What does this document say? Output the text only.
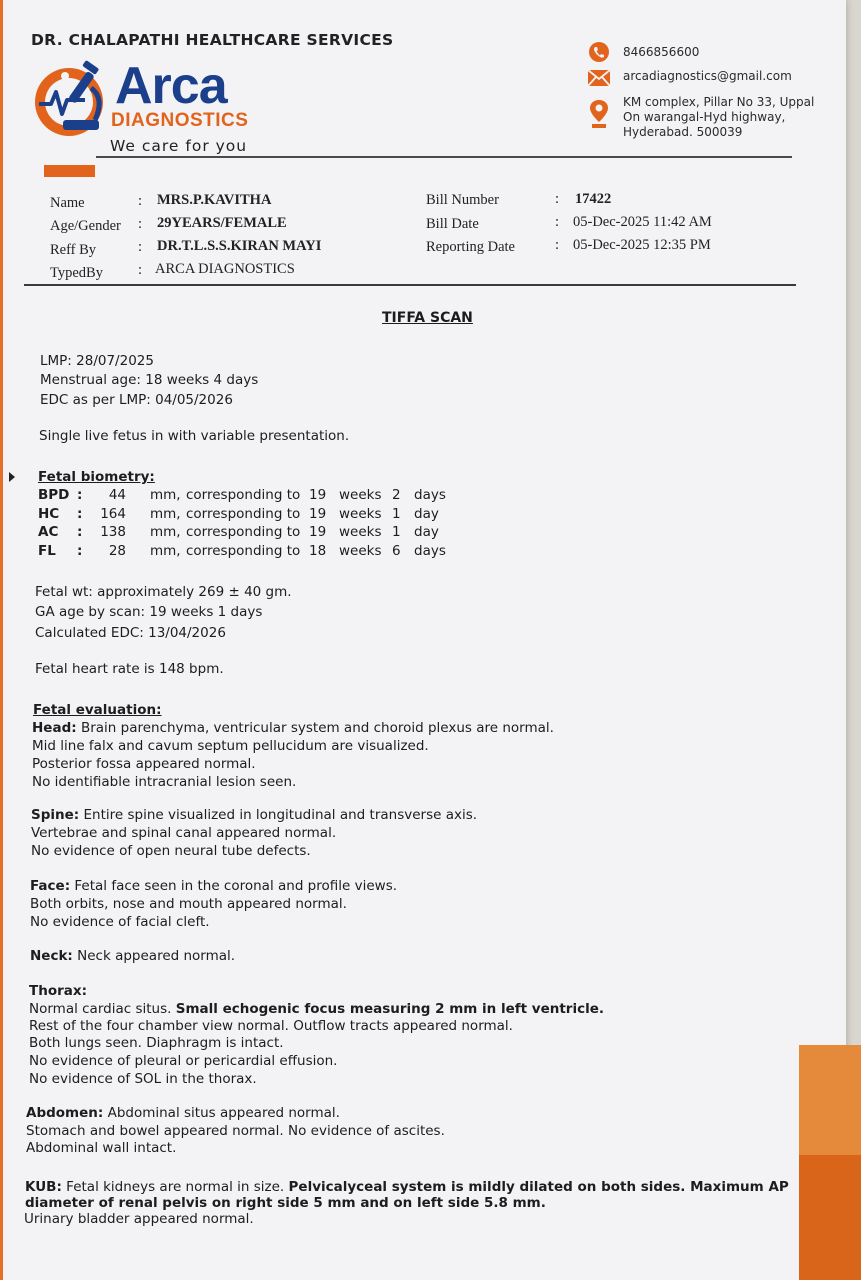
DR. CHALAPATHI HEALTHCARE SERVICES
Arca
DIAGNOSTICS
We care for you
8466856600
arcadiagnostics@gmail.com
KM complex, Pillar No 33, Uppal
On warangal-Hyd highway,
Hyderabad. 500039
Name	: MRS.P.KAVITHA
Age/Gender : 29YEARS/FEMALE
Reff By	: DR.T.L.S.S.KIRAN MAYI
TypedBy : ARCA DIAGNOSTICS
Bill Number	: 17422
Bill Date	: 05-Dec-2025 11:42 AM
Reporting Date	: 05-Dec-2025 12:35 PM
TIFFA SCAN
LMP: 28/07/2025
Menstrual age: 18 weeks 4 days
EDC as per LMP: 04/05/2026
Single live fetus in with variable presentation.
Fetal biometry:
BPD :	44 mm, corresponding to 19 weeks 2 days
HC :	164 mm, corresponding to 19 weeks 1 day
AC :	138 mm, corresponding to 19 weeks 1 day
FL :	28 mm, corresponding to 18 weeks 6 days
Fetal wt: approximately 269 ± 40 gm.
GA age by scan: 19 weeks 1 days
Calculated EDC: 13/04/2026
Fetal heart rate is 148 bpm.
Fetal evaluation:
Head: Brain parenchyma, ventricular system and choroid plexus are normal.
Mid line falx and cavum septum pellucidum are visualized.
Posterior fossa appeared normal.
No identifiable intracranial lesion seen.
Spine: Entire spine visualized in longitudinal and transverse axis.
Vertebrae and spinal canal appeared normal.
No evidence of open neural tube defects.
Face: Fetal face seen in the coronal and profile views.
Both orbits, nose and mouth appeared normal.
No evidence of facial cleft.
Neck: Neck appeared normal.
Thorax:
Normal cardiac situs. Small echogenic focus measuring 2 mm in left ventricle.
Rest of the four chamber view normal. Outflow tracts appeared normal.
Both lungs seen. Diaphragm is intact.
No evidence of pleural or pericardial effusion.
No evidence of SOL in the thorax.
Abdomen: Abdominal situs appeared normal.
Stomach and bowel appeared normal. No evidence of ascites.
Abdominal wall intact.
KUB: Fetal kidneys are normal in size. Pelvicalyceal system is mildly dilated on both sides. Maximum AP
diameter of renal pelvis on right side 5 mm and on left side 5.8 mm.
Urinary bladder appeared normal.
